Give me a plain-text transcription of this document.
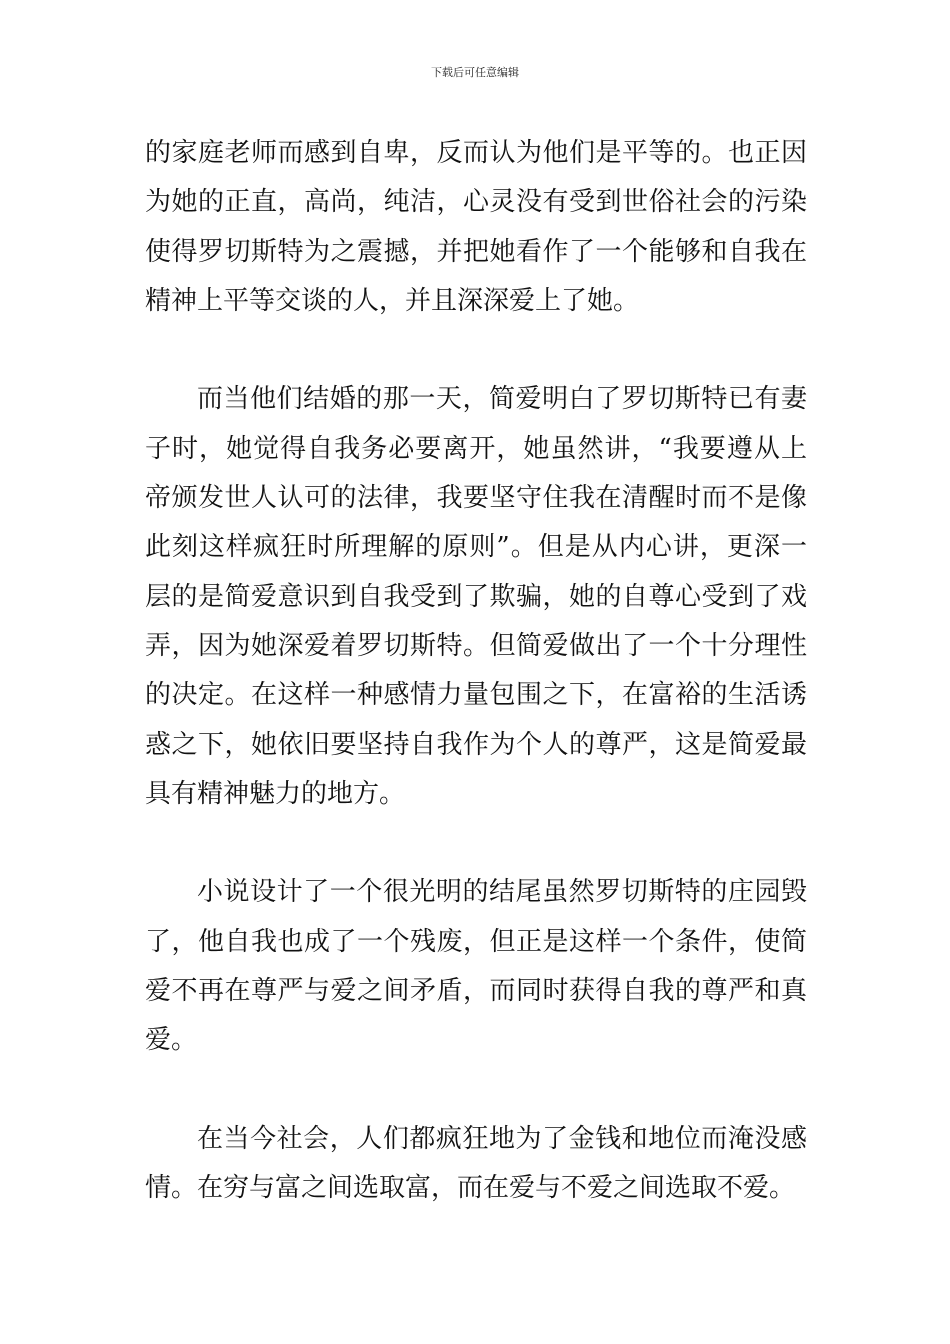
下载后可任意编辑

的家庭老师而感到自卑，反而认为他们是平等的。也正因为她的正直，高尚，纯洁，心灵没有受到世俗社会的污染使得罗切斯特为之震撼，并把她看作了一个能够和自我在精神上平等交谈的人，并且深深爱上了她。

而当他们结婚的那一天，简爱明白了罗切斯特已有妻子时，她觉得自我务必要离开，她虽然讲，“我要遵从上帝颁发世人认可的法律，我要坚守住我在清醒时而不是像此刻这样疯狂时所理解的原则”。但是从内心讲，更深一层的是简爱意识到自我受到了欺骗，她的自尊心受到了戏弄，因为她深爱着罗切斯特。但简爱做出了一个十分理性的决定。在这样一种感情力量包围之下，在富裕的生活诱惑之下，她依旧要坚持自我作为个人的尊严，这是简爱最具有精神魅力的地方。

小说设计了一个很光明的结尾虽然罗切斯特的庄园毁了，他自我也成了一个残废，但正是这样一个条件，使简爱不再在尊严与爱之间矛盾，而同时获得自我的尊严和真爱。

在当今社会，人们都疯狂地为了金钱和地位而淹没感情。在穷与富之间选取富，而在爱与不爱之间选取不爱。
